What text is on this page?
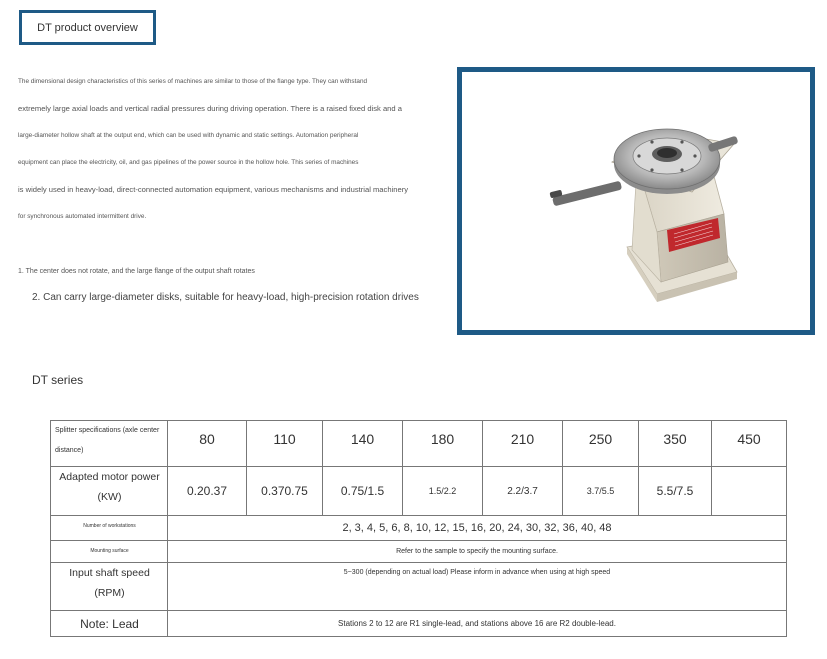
DT product overview
The dimensional design characteristics of this series of machines are similar to those of the flange type. They can withstand
extremely large axial loads and vertical radial pressures during driving operation. There is a raised fixed disk and a
large-diameter hollow shaft at the output end, which can be used with dynamic and static settings. Automation peripheral
equipment can place the electricity, oil, and gas pipelines of the power source in the hollow hole. This series of machines
is widely used in heavy-load, direct-connected automation equipment, various mechanisms and industrial machinery
for synchronous automated intermittent drive.
1. The center does not rotate, and the large flange of the output shaft rotates
2. Can carry large-diameter disks, suitable for heavy-load, high-precision rotation drives
DT series
Splitter specifications (axle center distance)	80	110	140	180	210	250	350	450
Adapted motor power (KW)	0.20.37	0.370.75	0.75/1.5	1.5/2.2	2.2/3.7	3.7/5.5	5.5/7.5	
Number of workstations	2, 3, 4, 5, 6, 8, 10, 12, 15, 16, 20, 24, 30, 32, 36, 40, 48							
Mounting surface	Refer to the sample to specify the mounting surface.							
Input shaft speed (RPM)	5~300 (depending on actual load) Please inform in advance when using at high speed							
Note: Lead	Stations 2 to 12 are R1 single-lead, and stations above 16 are R2 double-lead.							
